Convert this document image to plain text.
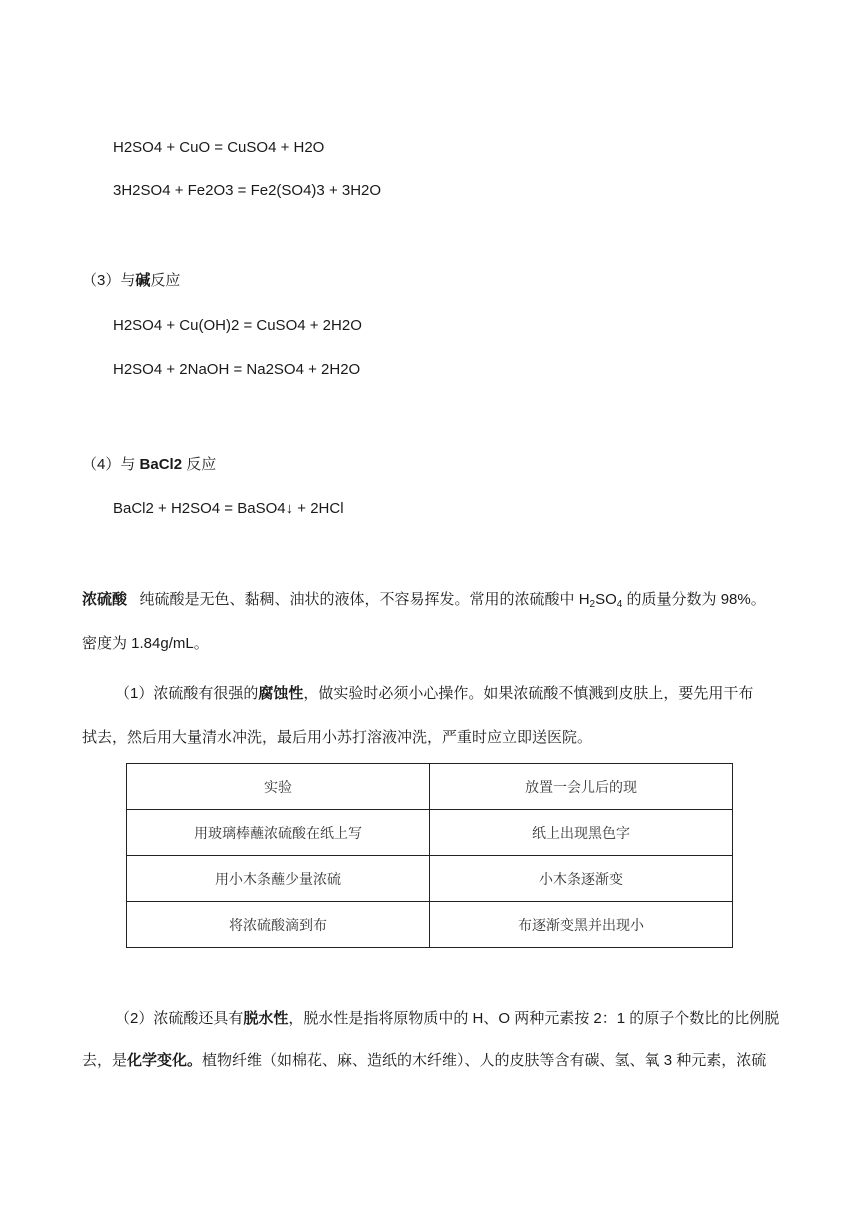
H2SO4 + CuO = CuSO4 + H2O
3H2SO4 + Fe2O3 = Fe2(SO4)3 + 3H2O
（3）与碱反应
H2SO4 + Cu(OH)2 = CuSO4 + 2H2O
H2SO4 + 2NaOH = Na2SO4 + 2H2O
（4）与 BaCl2 反应
BaCl2 + H2SO4 = BaSO4↓ + 2HCl
浓硫酸 纯硫酸是无色、黏稠、油状的液体，不容易挥发。常用的浓硫酸中 $H_2SO_4$ 的质量分数为 98%。
密度为 1.84g/mL。
（1）浓硫酸有很强的腐蚀性，做实验时必须小心操作。如果浓硫酸不慎溅到皮肤上，要先用干布
拭去，然后用大量清水冲洗，最后用小苏打溶液冲洗，严重时应立即送医院。
实验	放置一会儿后的现
用玻璃棒蘸浓硫酸在纸上写	纸上出现黑色字
用小木条蘸少量浓硫	小木条逐渐变
将浓硫酸滴到布	布逐渐变黑并出现小
（2）浓硫酸还具有脱水性，脱水性是指将原物质中的 H、O 两种元素按 2：1 的原子个数比的比例脱
去，是化学变化。植物纤维（如棉花、麻、造纸的木纤维）、人的皮肤等含有碳、氢、氧 3 种元素，浓硫
